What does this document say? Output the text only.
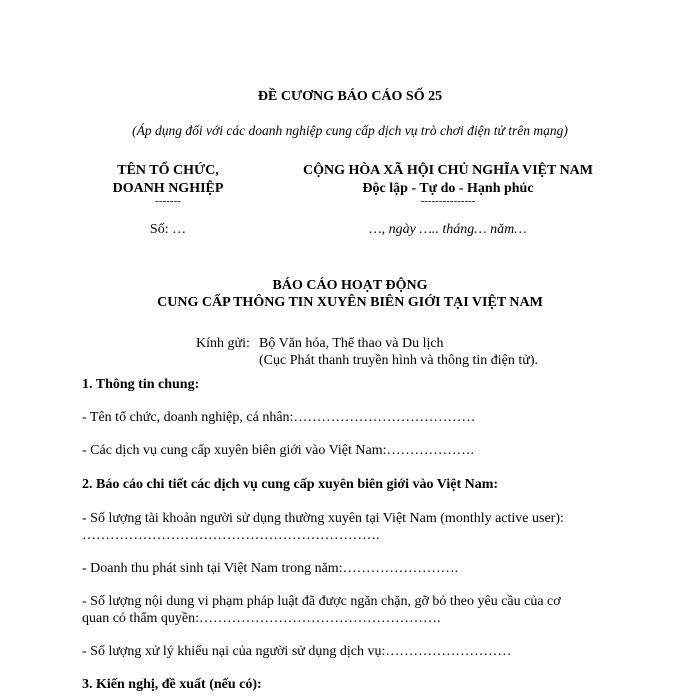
ĐỀ CƯƠNG BÁO CÁO SỐ 25
(Áp dụng đối với các doanh nghiệp cung cấp dịch vụ trò chơi điện tử trên mạng)
TÊN TỔ CHỨC,
DOANH NGHIỆP
-------
Số: …
CỘNG HÒA XÃ HỘI CHỦ NGHĨA VIỆT NAM
Độc lập - Tự do - Hạnh phúc
---------------
…, ngày ….. tháng… năm…
BÁO CÁO HOẠT ĐỘNG
CUNG CẤP THÔNG TIN XUYÊN BIÊN GIỚI TẠI VIỆT NAM
Kính gửi: Bộ Văn hóa, Thể thao và Du lịch
(Cục Phát thanh truyền hình và thông tin điện tử).
1. Thông tin chung:
- Tên tổ chức, doanh nghiệp, cá nhân:…………………………………
- Các dịch vụ cung cấp xuyên biên giới vào Việt Nam:……………….
2. Báo cáo chi tiết các dịch vụ cung cấp xuyên biên giới vào Việt Nam:
- Số lượng tài khoản người sử dụng thường xuyên tại Việt Nam (monthly active user):
……………………………………………………….
- Doanh thu phát sinh tại Việt Nam trong năm:…………………….
- Số lượng nội dung vi phạm pháp luật đã được ngăn chặn, gỡ bỏ theo yêu cầu của cơ
quan có thẩm quyền:…………………………………………….
- Số lượng xử lý khiếu nại của người sử dụng dịch vụ:………………………
3. Kiến nghị, đề xuất (nếu có):
